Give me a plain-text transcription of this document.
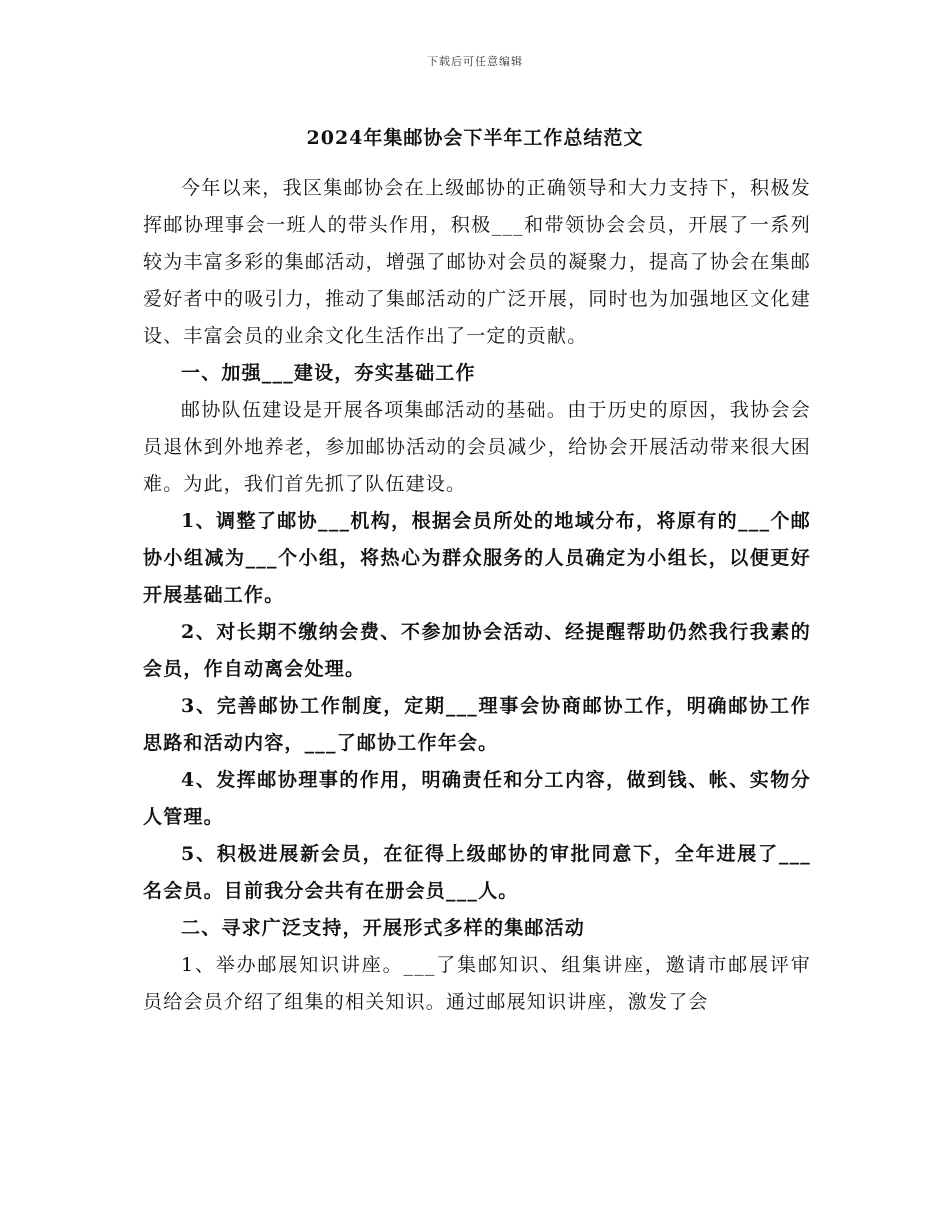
下载后可任意编辑
2024年集邮协会下半年工作总结范文

今年以来，我区集邮协会在上级邮协的正确领导和大力支持下，积极发挥邮协理事会一班人的带头作用，积极___和带领协会会员，开展了一系列较为丰富多彩的集邮活动，增强了邮协对会员的凝聚力，提高了协会在集邮爱好者中的吸引力，推动了集邮活动的广泛开展，同时也为加强地区文化建设、丰富会员的业余文化生活作出了一定的贡献。

一、加强___建设，夯实基础工作

邮协队伍建设是开展各项集邮活动的基础。由于历史的原因，我协会会员退休到外地养老，参加邮协活动的会员减少，给协会开展活动带来很大困难。为此，我们首先抓了队伍建设。

1、调整了邮协___机构，根据会员所处的地域分布，将原有的___个邮协小组减为___个小组，将热心为群众服务的人员确定为小组长，以便更好开展基础工作。

2、对长期不缴纳会费、不参加协会活动、经提醒帮助仍然我行我素的会员，作自动离会处理。

3、完善邮协工作制度，定期___理事会协商邮协工作，明确邮协工作思路和活动内容，___了邮协工作年会。

4、发挥邮协理事的作用，明确责任和分工内容，做到钱、帐、实物分人管理。

5、积极进展新会员，在征得上级邮协的审批同意下，全年进展了___名会员。目前我分会共有在册会员___人。

二、寻求广泛支持，开展形式多样的集邮活动

1、举办邮展知识讲座。___了集邮知识、组集讲座，邀请市邮展评审员给会员介绍了组集的相关知识。通过邮展知识讲座，激发了会
